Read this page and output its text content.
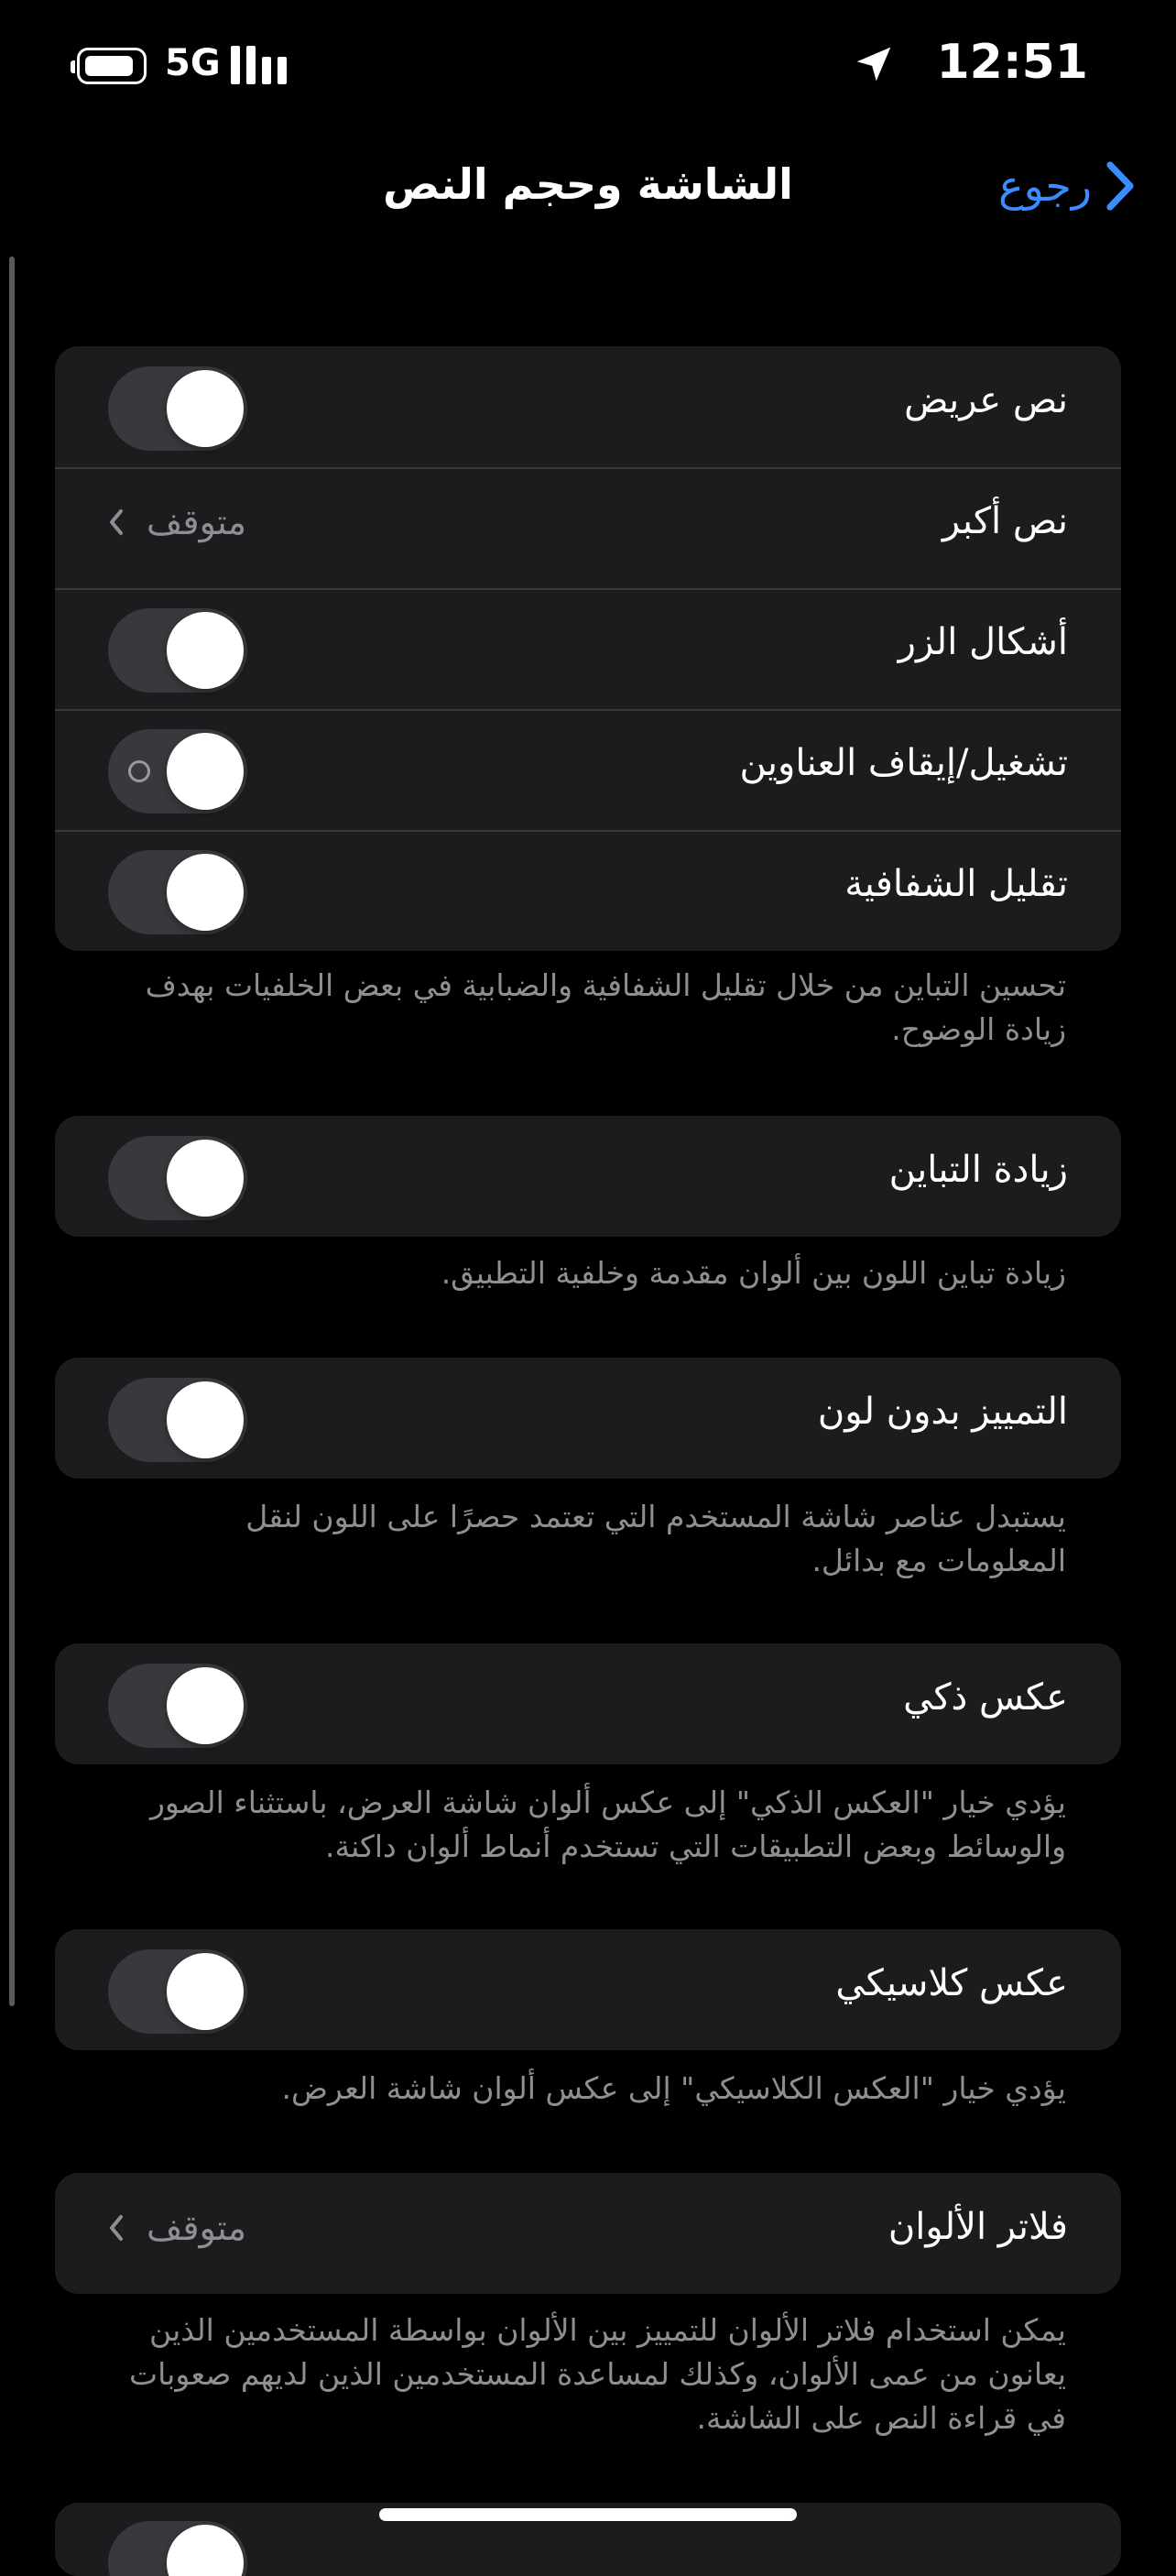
5G	12:51
الشاشة وحجم النص	رجوع
نص عريض
نص أكبر
متوقف
أشكال الزر
تشغيل/إيقاف العناوين
تقليل الشفافية
تحسين التباين من خلال تقليل الشفافية والضبابية في بعض الخلفيات بهدف زيادة الوضوح.
زيادة التباين
زيادة تباين اللون بين ألوان مقدمة وخلفية التطبيق.
التمييز بدون لون
يستبدل عناصر شاشة المستخدم التي تعتمد حصرًا على اللون لنقل المعلومات مع بدائل.
عكس ذكي
يؤدي خيار "العكس الذكي" إلى عكس ألوان شاشة العرض، باستثناء الصور والوسائط وبعض التطبيقات التي تستخدم أنماط ألوان داكنة.
عكس كلاسيكي
يؤدي خيار "العكس الكلاسيكي" إلى عكس ألوان شاشة العرض.
فلاتر الألوان
متوقف
يمكن استخدام فلاتر الألوان للتمييز بين الألوان بواسطة المستخدمين الذين يعانون من عمى الألوان، وكذلك لمساعدة المستخدمين الذين لديهم صعوبات في قراءة النص على الشاشة.
